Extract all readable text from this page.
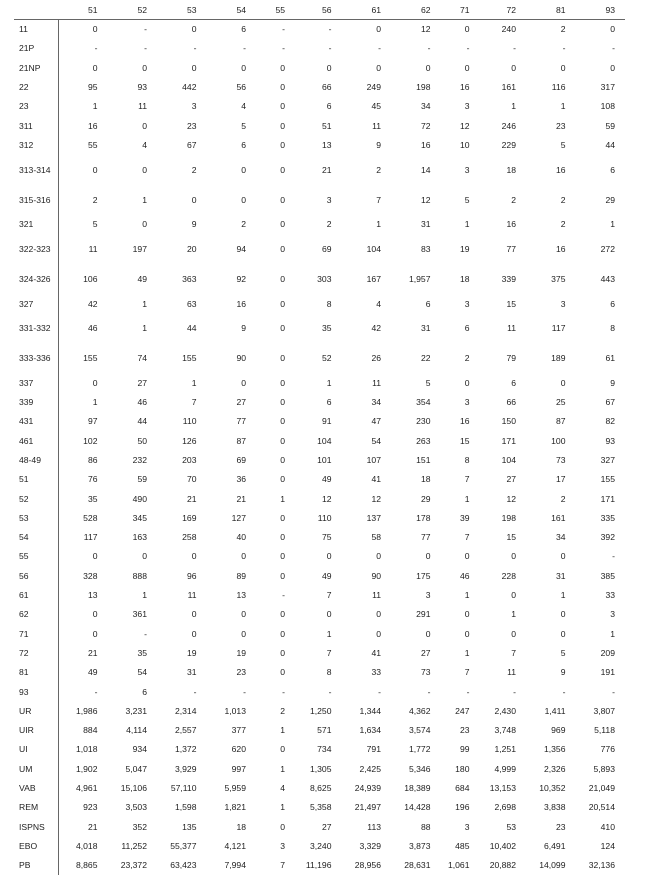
	51	52	53	54	55	56	61	62	71	72	81	93
11	0	-	0	6	-	-	0	12	0	240	2	0
21P	-	-	-	-	-	-	-	-	-	-	-	-
21NP	0	0	0	0	0	0	0	0	0	0	0	0
22	95	93	442	56	0	66	249	198	16	161	116	317
23	1	11	3	4	0	6	45	34	3	1	1	108
311	16	0	23	5	0	51	11	72	12	246	23	59
312	55	4	67	6	0	13	9	16	10	229	5	44
313-314	0	0	2	0	0	21	2	14	3	18	16	6
315-316	2	1	0	0	0	3	7	12	5	2	2	29
321	5	0	9	2	0	2	1	31	1	16	2	1
322-323	11	197	20	94	0	69	104	83	19	77	16	272
324-326	106	49	363	92	0	303	167	1,957	18	339	375	443
327	42	1	63	16	0	8	4	6	3	15	3	6
331-332	46	1	44	9	0	35	42	31	6	11	117	8
333-336	155	74	155	90	0	52	26	22	2	79	189	61
337	0	27	1	0	0	1	11	5	0	6	0	9
339	1	46	7	27	0	6	34	354	3	66	25	67
431	97	44	110	77	0	91	47	230	16	150	87	82
461	102	50	126	87	0	104	54	263	15	171	100	93
48-49	86	232	203	69	0	101	107	151	8	104	73	327
51	76	59	70	36	0	49	41	18	7	27	17	155
52	35	490	21	21	1	12	12	29	1	12	2	171
53	528	345	169	127	0	110	137	178	39	198	161	335
54	117	163	258	40	0	75	58	77	7	15	34	392
55	0	0	0	0	0	0	0	0	0	0	0	-
56	328	888	96	89	0	49	90	175	46	228	31	385
61	13	1	11	13	-	7	11	3	1	0	1	33
62	0	361	0	0	0	0	0	291	0	1	0	3
71	0	-	0	0	0	1	0	0	0	0	0	1
72	21	35	19	19	0	7	41	27	1	7	5	209
81	49	54	31	23	0	8	33	73	7	11	9	191
93	-	6	-	-	-	-	-	-	-	-	-	-
UR	1,986	3,231	2,314	1,013	2	1,250	1,344	4,362	247	2,430	1,411	3,807
UIR	884	4,114	2,557	377	1	571	1,634	3,574	23	3,748	969	5,118
UI	1,018	934	1,372	620	0	734	791	1,772	99	1,251	1,356	776
UM	1,902	5,047	3,929	997	1	1,305	2,425	5,346	180	4,999	2,326	5,893
VAB	4,961	15,106	57,110	5,959	4	8,625	24,939	18,389	684	13,153	10,352	21,049
REM	923	3,503	1,598	1,821	1	5,358	21,497	14,428	196	2,698	3,838	20,514
ISPNS	21	352	135	18	0	27	113	88	3	53	23	410
EBO	4,018	11,252	55,377	4,121	3	3,240	3,329	3,873	485	10,402	6,491	124
PB	8,865	23,372	63,423	7,994	7	11,196	28,956	28,631	1,061	20,882	14,099	32,136
